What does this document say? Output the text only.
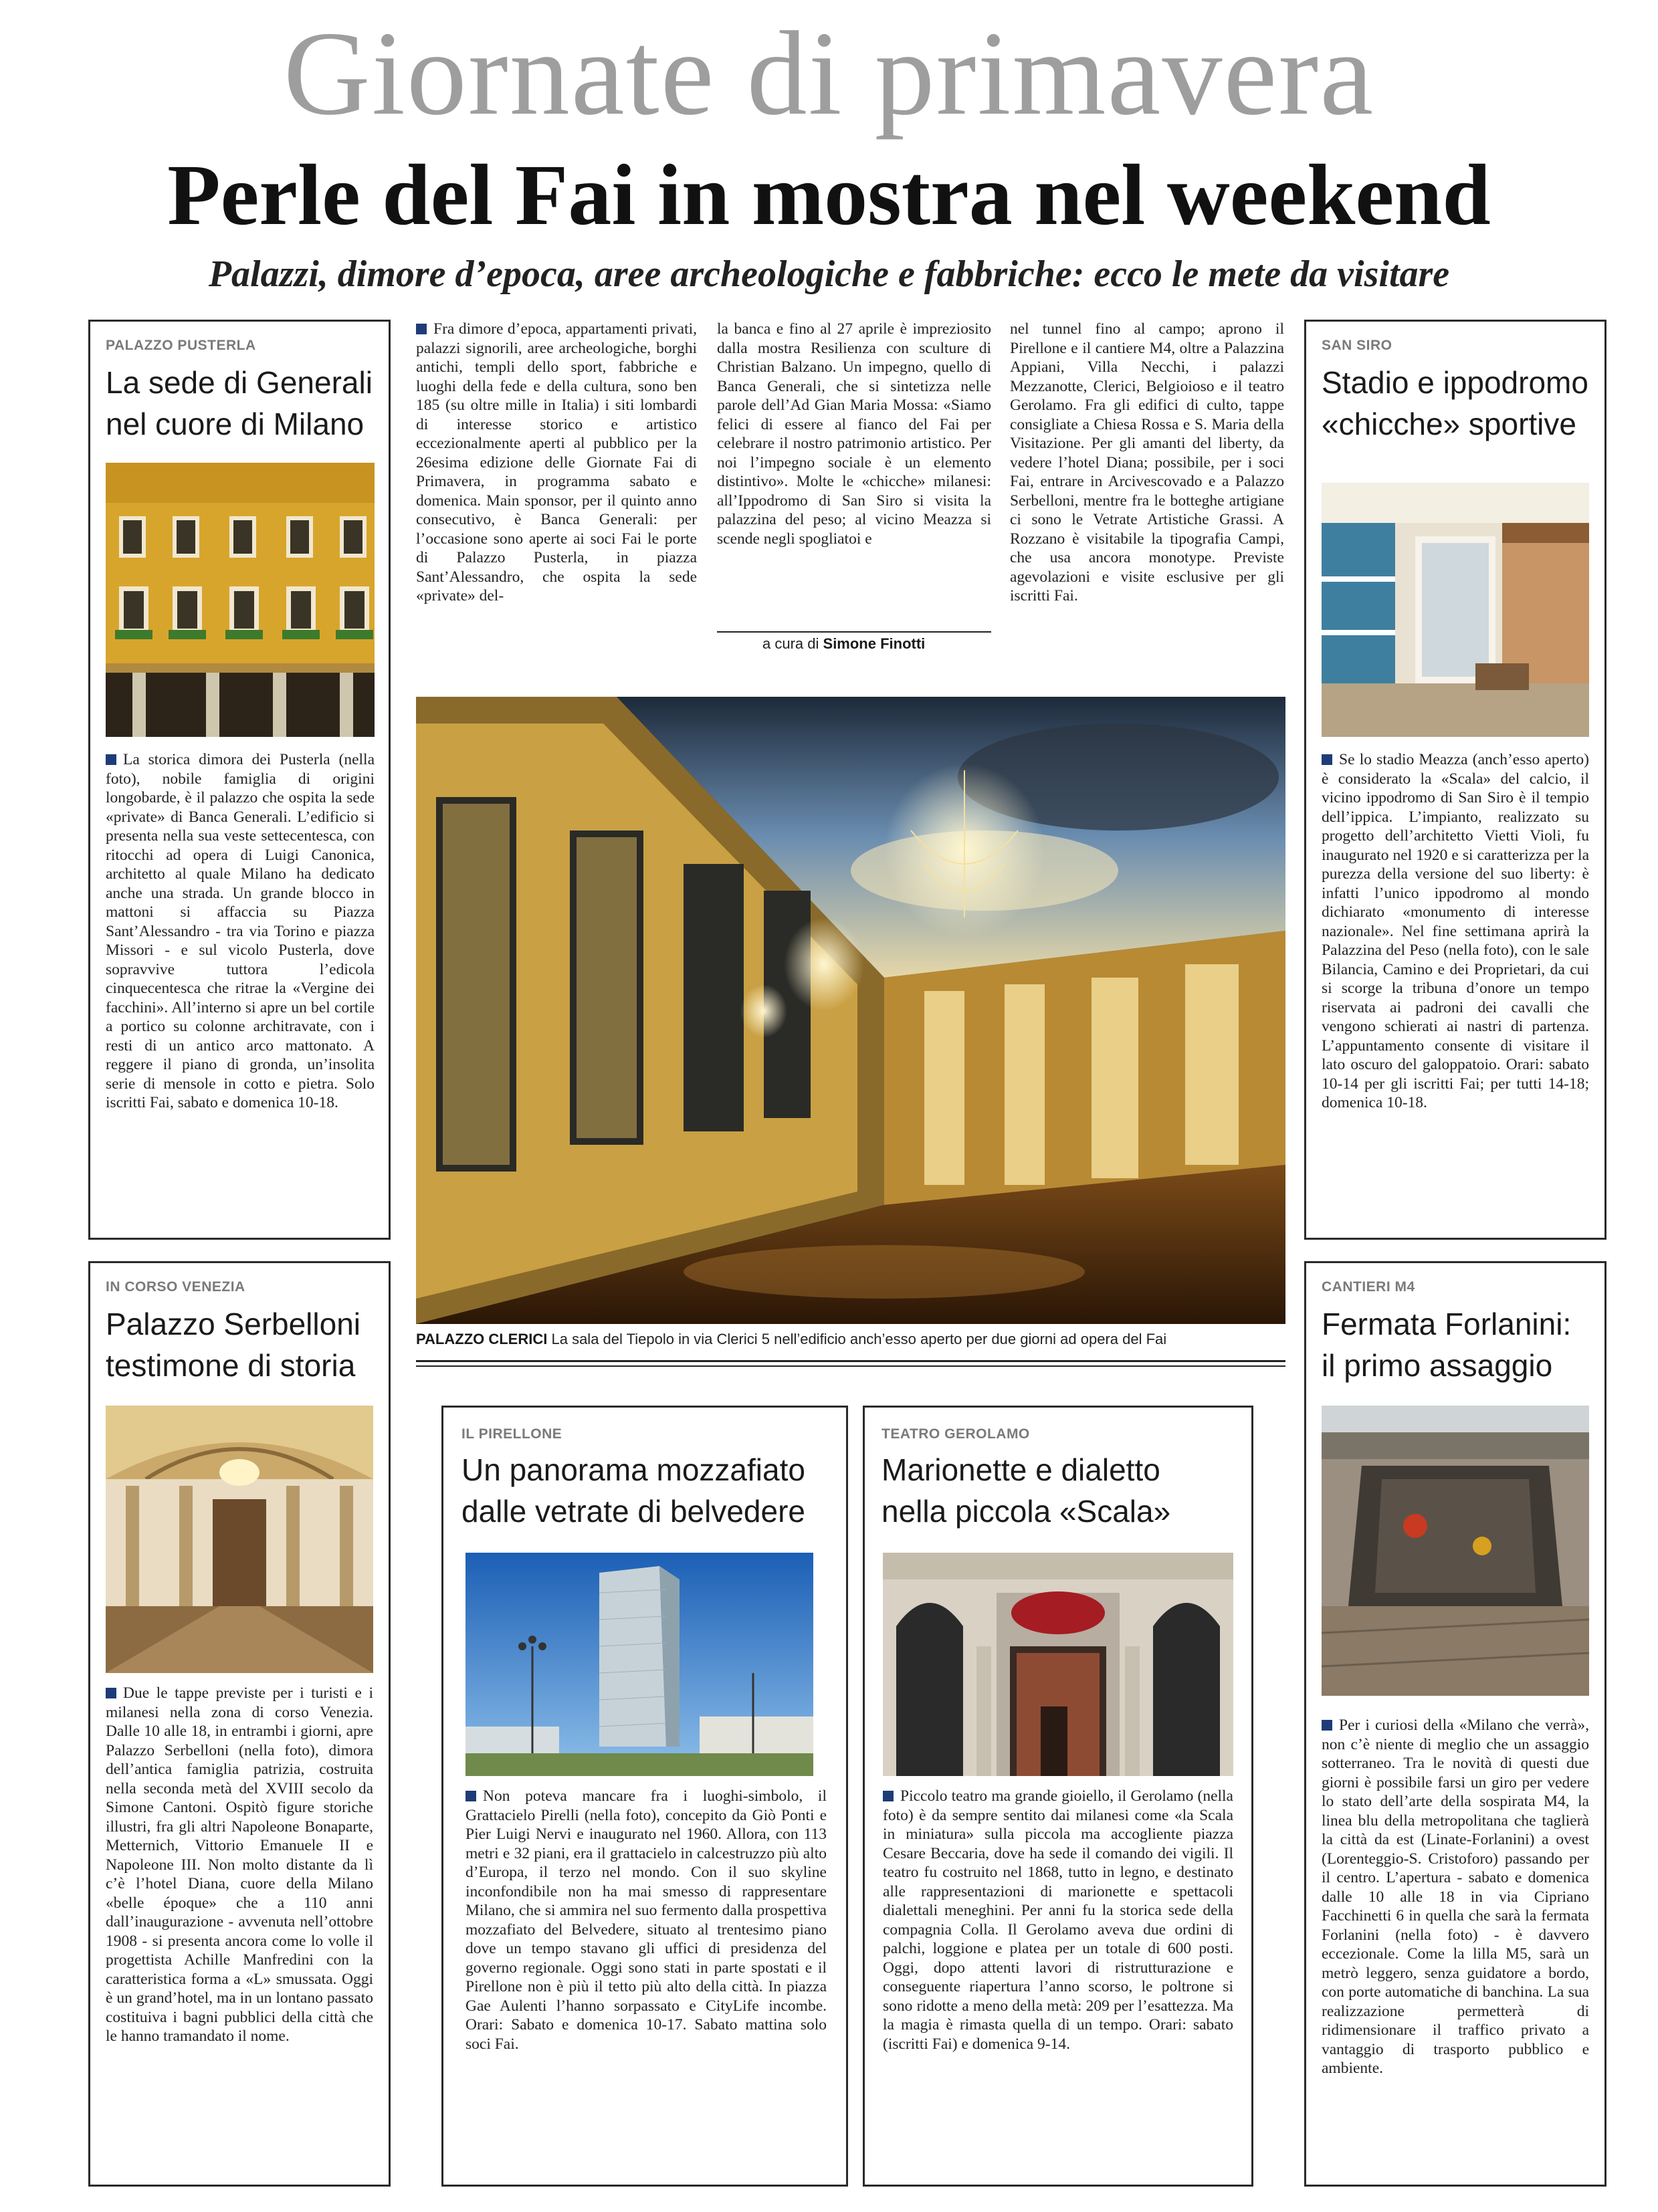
Giornate di primavera
Perle del Fai in mostra nel weekend
Palazzi, dimore d’epoca, aree archeologiche e fabbriche: ecco le mete da visitare
PALAZZO PUSTERLA
La sede di Generali
nel cuore di Milano
La storica dimora dei Pusterla (nella foto), nobile famiglia di origini longobarde, è il palazzo che ospita la sede «private» di Banca Generali. L’edificio si presenta nella sua veste settecentesca, con ritocchi ad opera di Luigi Canonica, architetto al quale Milano ha dedicato anche una strada. Un grande blocco in mattoni si affaccia su Piazza Sant’Alessandro - tra via Torino e piazza Missori - e sul vicolo Pusterla, dove sopravvive tuttora l’edicola cinquecentesca che ritrae la «Vergine dei facchini». All’interno si apre un bel cortile a portico su colonne architravate, con i resti di un antico arco mattonato. A reggere il piano di gronda, un’insolita serie di mensole in cotto e pietra. Solo iscritti Fai, sabato e domenica 10-18.
Fra dimore d’epoca, appartamenti privati, palazzi signorili, aree archeologiche, borghi antichi, templi dello sport, fabbriche e luoghi della fede e della cultura, sono ben 185 (su oltre mille in Italia) i siti lombardi di interesse storico e artistico eccezionalmente aperti al pubblico per la 26esima edizione delle Giornate Fai di Primavera, in programma sabato e domenica. Main sponsor, per il quinto anno consecutivo, è Banca Generali: per l’occasione sono aperte ai soci Fai le porte di Palazzo Pusterla, in piazza Sant’Alessandro, che ospita la sede «private» del-
la banca e fino al 27 aprile è impreziosito dalla mostra Resilienza con sculture di Christian Balzano. Un impegno, quello di Banca Generali, che si sintetizza nelle parole dell’Ad Gian Maria Mossa: «Siamo felici di essere al fianco del Fai per celebrare il nostro patrimonio artistico. Per noi l’impegno sociale è un elemento distintivo». Molte le «chicche» milanesi: all’Ippodromo di San Siro si visita la palazzina del peso; al vicino Meazza si scende negli spogliatoi e
a cura di Simone Finotti
nel tunnel fino al campo; aprono il Pirellone e il cantiere M4, oltre a Palazzina Appiani, Villa Necchi, i palazzi Mezzanotte, Clerici, Belgioioso e il teatro Gerolamo. Fra gli edifici di culto, tappe consigliate a Chiesa Rossa e S. Maria della Visitazione. Per gli amanti del liberty, da vedere l’hotel Diana; possibile, per i soci Fai, entrare in Arcivescovado e a Palazzo Serbelloni, mentre fra le botteghe artigiane ci sono le Vetrate Artistiche Grassi. A Rozzano è visitabile la tipografia Campi, che usa ancora monotype. Previste agevolazioni e visite esclusive per gli iscritti Fai.
SAN SIRO
Stadio e ippodromo
«chicche» sportive
Se lo stadio Meazza (anch’esso aperto) è considerato la «Scala» del calcio, il vicino ippodromo di San Siro è il tempio dell’ippica. L’impianto, realizzato su progetto dell’architetto Vietti Violi, fu inaugurato nel 1920 e si caratterizza per la purezza della versione del suo liberty: è infatti l’unico ippodromo al mondo dichiarato «monumento di interesse nazionale». Nel fine settimana aprirà la Palazzina del Peso (nella foto), con le sale Bilancia, Camino e dei Proprietari, da cui si scorge la tribuna d’onore un tempo riservata ai padroni dei cavalli che vengono schierati ai nastri di partenza. L’appuntamento consente di visitare il lato oscuro del galoppatoio. Orari: sabato 10-14 per gli iscritti Fai; per tutti 14-18; domenica 10-18.
PALAZZO CLERICI La sala del Tiepolo in via Clerici 5 nell’edificio anch’esso aperto per due giorni ad opera del Fai
IN CORSO VENEZIA
Palazzo Serbelloni
testimone di storia
Due le tappe previste per i turisti e i milanesi nella zona di corso Venezia. Dalle 10 alle 18, in entrambi i giorni, apre Palazzo Serbelloni (nella foto), dimora dell’antica famiglia patrizia, costruita nella seconda metà del XVIII secolo da Simone Cantoni. Ospitò figure storiche illustri, fra gli altri Napoleone Bonaparte, Metternich, Vittorio Emanuele II e Napoleone III. Non molto distante da lì c’è l’hotel Diana, cuore della Milano «belle époque» che a 110 anni dall’inaugurazione - avvenuta nell’ottobre 1908 - si presenta ancora come lo volle il progettista Achille Manfredini con la caratteristica forma a «L» smussata. Oggi è un grand’hotel, ma in un lontano passato costituiva i bagni pubblici della città che le hanno tramandato il nome.
IL PIRELLONE
Un panorama mozzafiato
dalle vetrate di belvedere
Non poteva mancare fra i luoghi-simbolo, il Grattacielo Pirelli (nella foto), concepito da Giò Ponti e Pier Luigi Nervi e inaugurato nel 1960. Allora, con 113 metri e 32 piani, era il grattacielo in calcestruzzo più alto d’Europa, il terzo nel mondo. Con il suo skyline inconfondibile non ha mai smesso di rappresentare Milano, che si ammira nel suo fermento dalla prospettiva mozzafiato del Belvedere, situato al trentesimo piano dove un tempo stavano gli uffici di presidenza del governo regionale. Oggi sono stati in parte spostati e il Pirellone non è più il tetto più alto della città. In piazza Gae Aulenti l’hanno sorpassato e CityLife incombe. Orari: Sabato e domenica 10-17. Sabato mattina solo soci Fai.
TEATRO GEROLAMO
Marionette e dialetto
nella piccola «Scala»
Piccolo teatro ma grande gioiello, il Gerolamo (nella foto) è da sempre sentito dai milanesi come «la Scala in miniatura» sulla piccola ma accogliente piazza Cesare Beccaria, dove ha sede il comando dei vigili. Il teatro fu costruito nel 1868, tutto in legno, e destinato alle rappresentazioni di marionette e spettacoli dialettali meneghini. Per anni fu la storica sede della compagnia Colla. Il Gerolamo aveva due ordini di palchi, loggione e platea per un totale di 600 posti. Oggi, dopo attenti lavori di ristrutturazione e conseguente riapertura l’anno scorso, le poltrone si sono ridotte a meno della metà: 209 per l’esattezza. Ma la magia è rimasta quella di un tempo. Orari: sabato (iscritti Fai) e domenica 9-14.
CANTIERI M4
Fermata Forlanini:
il primo assaggio
Per i curiosi della «Milano che verrà», non c’è niente di meglio che un assaggio sotterraneo. Tra le novità di questi due giorni è possibile farsi un giro per vedere lo stato dell’arte della sospirata M4, la linea blu della metropolitana che taglierà la città da est (Linate-Forlanini) a ovest (Lorenteggio-S. Cristoforo) passando per il centro. L’apertura - sabato e domenica dalle 10 alle 18 in via Cipriano Facchinetti 6 in quella che sarà la fermata Forlanini (nella foto) - è davvero eccezionale. Come la lilla M5, sarà un metrò leggero, senza guidatore a bordo, con porte automatiche di banchina. La sua realizzazione permetterà di ridimensionare il traffico privato a vantaggio di trasporto pubblico e ambiente.
